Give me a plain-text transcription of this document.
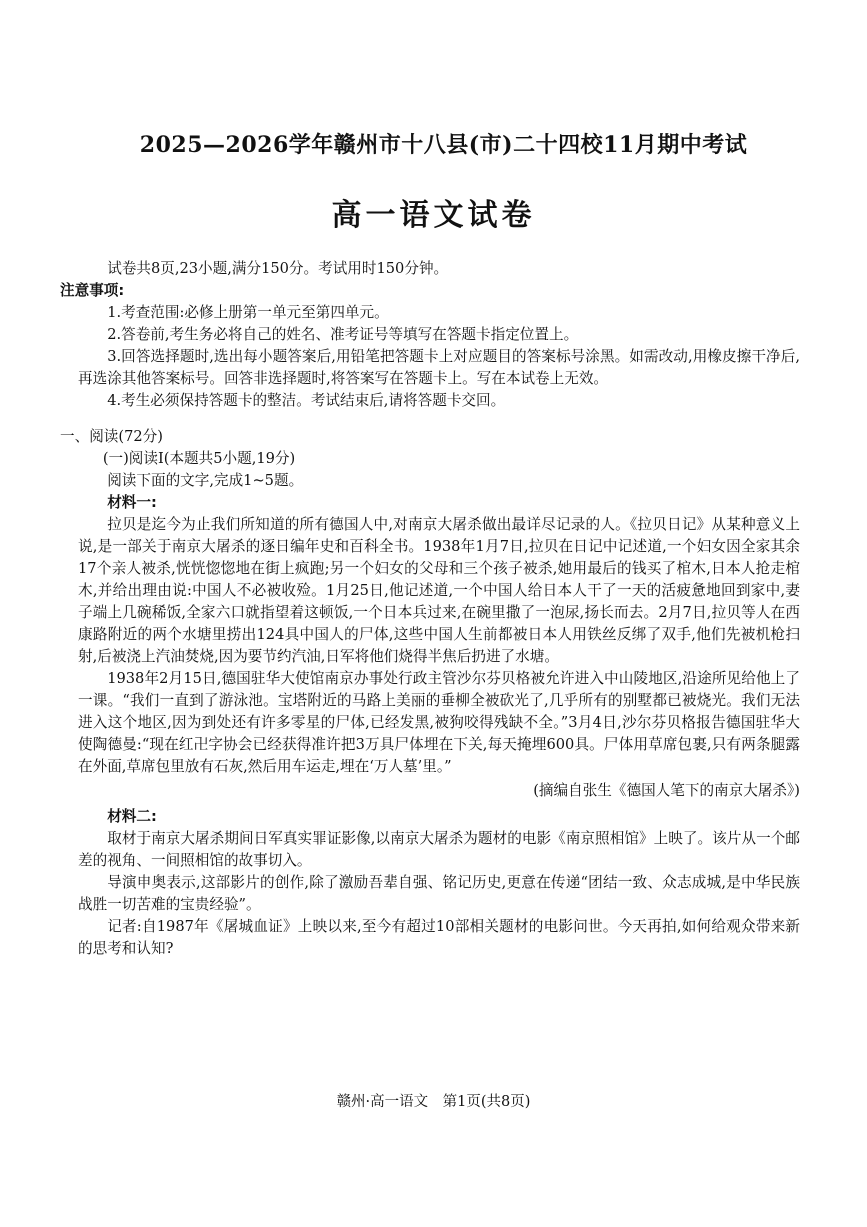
2025—2026学年赣州市十八县(市)二十四校11月期中考试
高一语文试卷

试卷共8页,23小题,满分150分。考试用时150分钟。

注意事项:

1.考查范围:必修上册第一单元至第四单元。

2.答卷前,考生务必将自己的姓名、准考证号等填写在答题卡指定位置上。

3.回答选择题时,选出每小题答案后,用铅笔把答题卡上对应题目的答案标号涂黑。如需改动,用橡皮擦干净后,再选涂其他答案标号。回答非选择题时,将答案写在答题卡上。写在本试卷上无效。

4.考生必须保持答题卡的整洁。考试结束后,请将答题卡交回。

一、阅读(72分)

(一)阅读Ⅰ(本题共5小题,19分)

阅读下面的文字,完成1~5题。

材料一:

拉贝是迄今为止我们所知道的所有德国人中,对南京大屠杀做出最详尽记录的人。《拉贝日记》从某种意义上说,是一部关于南京大屠杀的逐日编年史和百科全书。1938年1月7日,拉贝在日记中记述道,一个妇女因全家其余17个亲人被杀,恍恍惚惚地在街上疯跑;另一个妇女的父母和三个孩子被杀,她用最后的钱买了棺木,日本人抢走棺木,并给出理由说:中国人不必被收殓。1月25日,他记述道,一个中国人给日本人干了一天的活疲惫地回到家中,妻子端上几碗稀饭,全家六口就指望着这顿饭,一个日本兵过来,在碗里撒了一泡尿,扬长而去。2月7日,拉贝等人在西康路附近的两个水塘里捞出124具中国人的尸体,这些中国人生前都被日本人用铁丝反绑了双手,他们先被机枪扫射,后被浇上汽油焚烧,因为要节约汽油,日军将他们烧得半焦后扔进了水塘。

1938年2月15日,德国驻华大使馆南京办事处行政主管沙尔芬贝格被允许进入中山陵地区,沿途所见给他上了一课。“我们一直到了游泳池。宝塔附近的马路上美丽的垂柳全被砍光了,几乎所有的别墅都已被烧光。我们无法进入这个地区,因为到处还有许多零星的尸体,已经发黑,被狗咬得残缺不全。”3月4日,沙尔芬贝格报告德国驻华大使陶德曼:“现在红卍字协会已经获得准许把3万具尸体埋在下关,每天掩埋600具。尸体用草席包裹,只有两条腿露在外面,草席包里放有石灰,然后用车运走,埋在‘万人墓’里。”

(摘编自张生《德国人笔下的南京大屠杀》)

材料二:

取材于南京大屠杀期间日军真实罪证影像,以南京大屠杀为题材的电影《南京照相馆》上映了。该片从一个邮差的视角、一间照相馆的故事切入。

导演申奥表示,这部影片的创作,除了激励吾辈自强、铭记历史,更意在传递“团结一致、众志成城,是中华民族战胜一切苦难的宝贵经验”。

记者:自1987年《屠城血证》上映以来,至今有超过10部相关题材的电影问世。今天再拍,如何给观众带来新的思考和认知?

赣州·高一语文　第1页(共8页)
